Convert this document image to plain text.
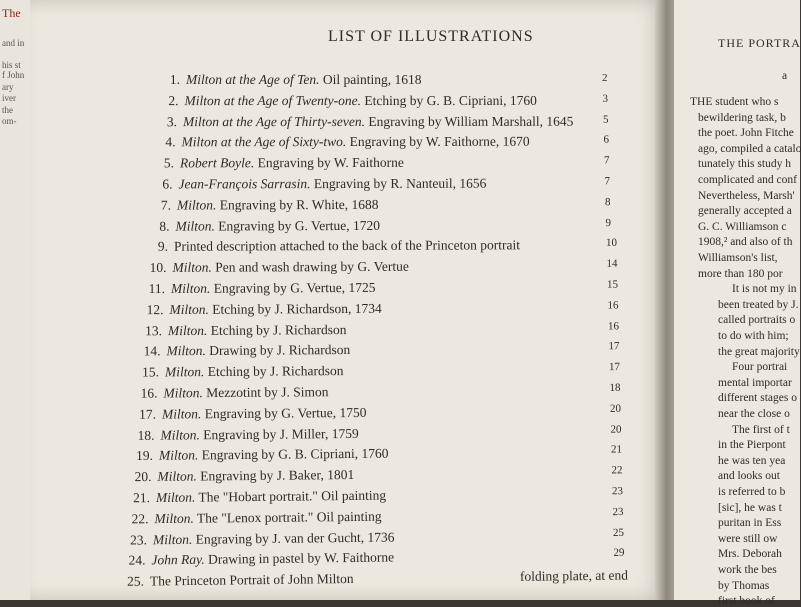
The
and in
his st
f John
ary
iver
the
om-
LIST OF ILLUSTRATIONS
1. Milton at the Age of Ten. Oil painting, 1618	2
2. Milton at the Age of Twenty-one. Etching by G. B. Cipriani, 1760	3
3. Milton at the Age of Thirty-seven. Engraving by William Marshall, 1645	5
4. Milton at the Age of Sixty-two. Engraving by W. Faithorne, 1670	6
5. Robert Boyle. Engraving by W. Faithorne	7
6. Jean-François Sarrasin. Engraving by R. Nanteuil, 1656	7
7. Milton. Engraving by R. White, 1688	8
8. Milton. Engraving by G. Vertue, 1720	9
9. Printed description attached to the back of the Princeton portrait	10
10. Milton. Pen and wash drawing by G. Vertue	14
11. Milton. Engraving by G. Vertue, 1725	15
12. Milton. Etching by J. Richardson, 1734	16
13. Milton. Etching by J. Richardson	16
14. Milton. Drawing by J. Richardson	17
15. Milton. Etching by J. Richardson	17
16. Milton. Mezzotint by J. Simon	18
17. Milton. Engraving by G. Vertue, 1750	20
18. Milton. Engraving by J. Miller, 1759	20
19. Milton. Engraving by G. B. Cipriani, 1760	21
20. Milton. Engraving by J. Baker, 1801	22
21. Milton. The "Hobart portrait." Oil painting	23
22. Milton. The "Lenox portrait." Oil painting	23
23. Milton. Engraving by J. van der Gucht, 1736	25
24. John Ray. Drawing in pastel by W. Faithorne	29
25. The Princeton Portrait of John Milton	folding plate, at end
THE PORTRA
a
THE student who s
bewildering task, b
the poet. John Fitche
ago, compiled a catalo
tunately this study h
complicated and conf
Nevertheless, Marsh'
generally accepted a
G. C. Williamson c
1908,² and also of th
Williamson's list,
more than 180 por
It is not my in
been treated by J.
called portraits o
to do with him;
the great majority
Four portrai
mental importar
different stages o
near the close o
The first of t
in the Pierpont
he was ten yea
and looks out
is referred to b
[sic], he was t
puritan in Ess
were still ow
Mrs. Deborah
work the bes
by Thomas
first book of
